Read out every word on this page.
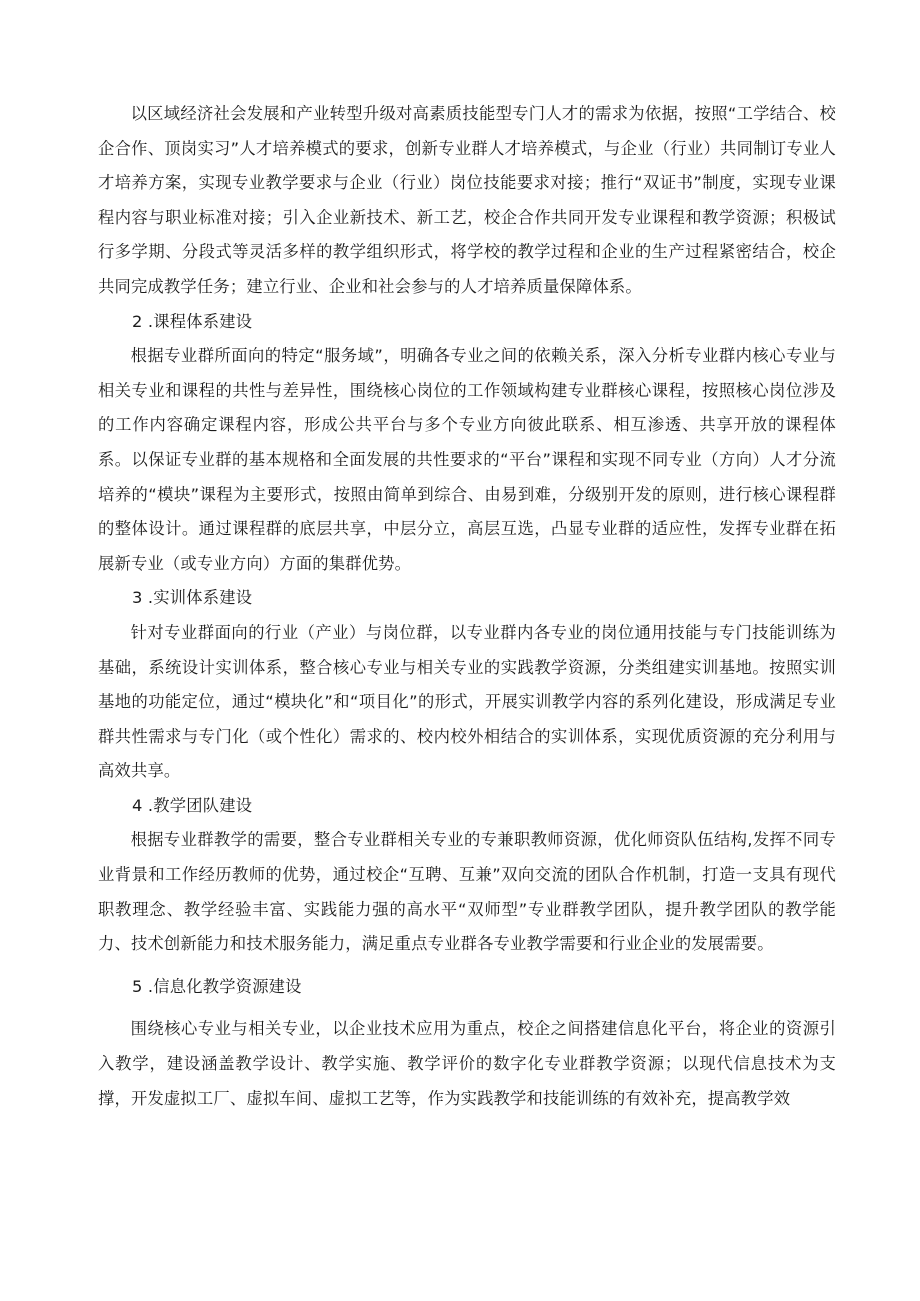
以区域经济社会发展和产业转型升级对高素质技能型专门人才的需求为依据，按照“工学结合、校企合作、顶岗实习”人才培养模式的要求，创新专业群人才培养模式，与企业（行业）共同制订专业人才培养方案，实现专业教学要求与企业（行业）岗位技能要求对接；推行“双证书”制度，实现专业课程内容与职业标准对接；引入企业新技术、新工艺，校企合作共同开发专业课程和教学资源；积极试行多学期、分段式等灵活多样的教学组织形式，将学校的教学过程和企业的生产过程紧密结合，校企共同完成教学任务；建立行业、企业和社会参与的人才培养质量保障体系。

2 .课程体系建设

根据专业群所面向的特定“服务域”，明确各专业之间的依赖关系，深入分析专业群内核心专业与相关专业和课程的共性与差异性，围绕核心岗位的工作领域构建专业群核心课程，按照核心岗位涉及的工作内容确定课程内容，形成公共平台与多个专业方向彼此联系、相互渗透、共享开放的课程体系。以保证专业群的基本规格和全面发展的共性要求的“平台”课程和实现不同专业（方向）人才分流培养的“模块”课程为主要形式，按照由简单到综合、由易到难，分级别开发的原则，进行核心课程群的整体设计。通过课程群的底层共享，中层分立，高层互选，凸显专业群的适应性，发挥专业群在拓展新专业（或专业方向）方面的集群优势。

3 .实训体系建设

针对专业群面向的行业（产业）与岗位群，以专业群内各专业的岗位通用技能与专门技能训练为基础，系统设计实训体系，整合核心专业与相关专业的实践教学资源，分类组建实训基地。按照实训基地的功能定位，通过“模块化”和“项目化”的形式，开展实训教学内容的系列化建设，形成满足专业群共性需求与专门化（或个性化）需求的、校内校外相结合的实训体系，实现优质资源的充分利用与高效共享。

4 .教学团队建设

根据专业群教学的需要，整合专业群相关专业的专兼职教师资源，优化师资队伍结构,发挥不同专业背景和工作经历教师的优势，通过校企“互聘、互兼”双向交流的团队合作机制，打造一支具有现代职教理念、教学经验丰富、实践能力强的高水平“双师型”专业群教学团队，提升教学团队的教学能力、技术创新能力和技术服务能力，满足重点专业群各专业教学需要和行业企业的发展需要。

5 .信息化教学资源建设

围绕核心专业与相关专业，以企业技术应用为重点，校企之间搭建信息化平台，将企业的资源引入教学，建设涵盖教学设计、教学实施、教学评价的数字化专业群教学资源；以现代信息技术为支撑，开发虚拟工厂、虚拟车间、虚拟工艺等，作为实践教学和技能训练的有效补充，提高教学效
